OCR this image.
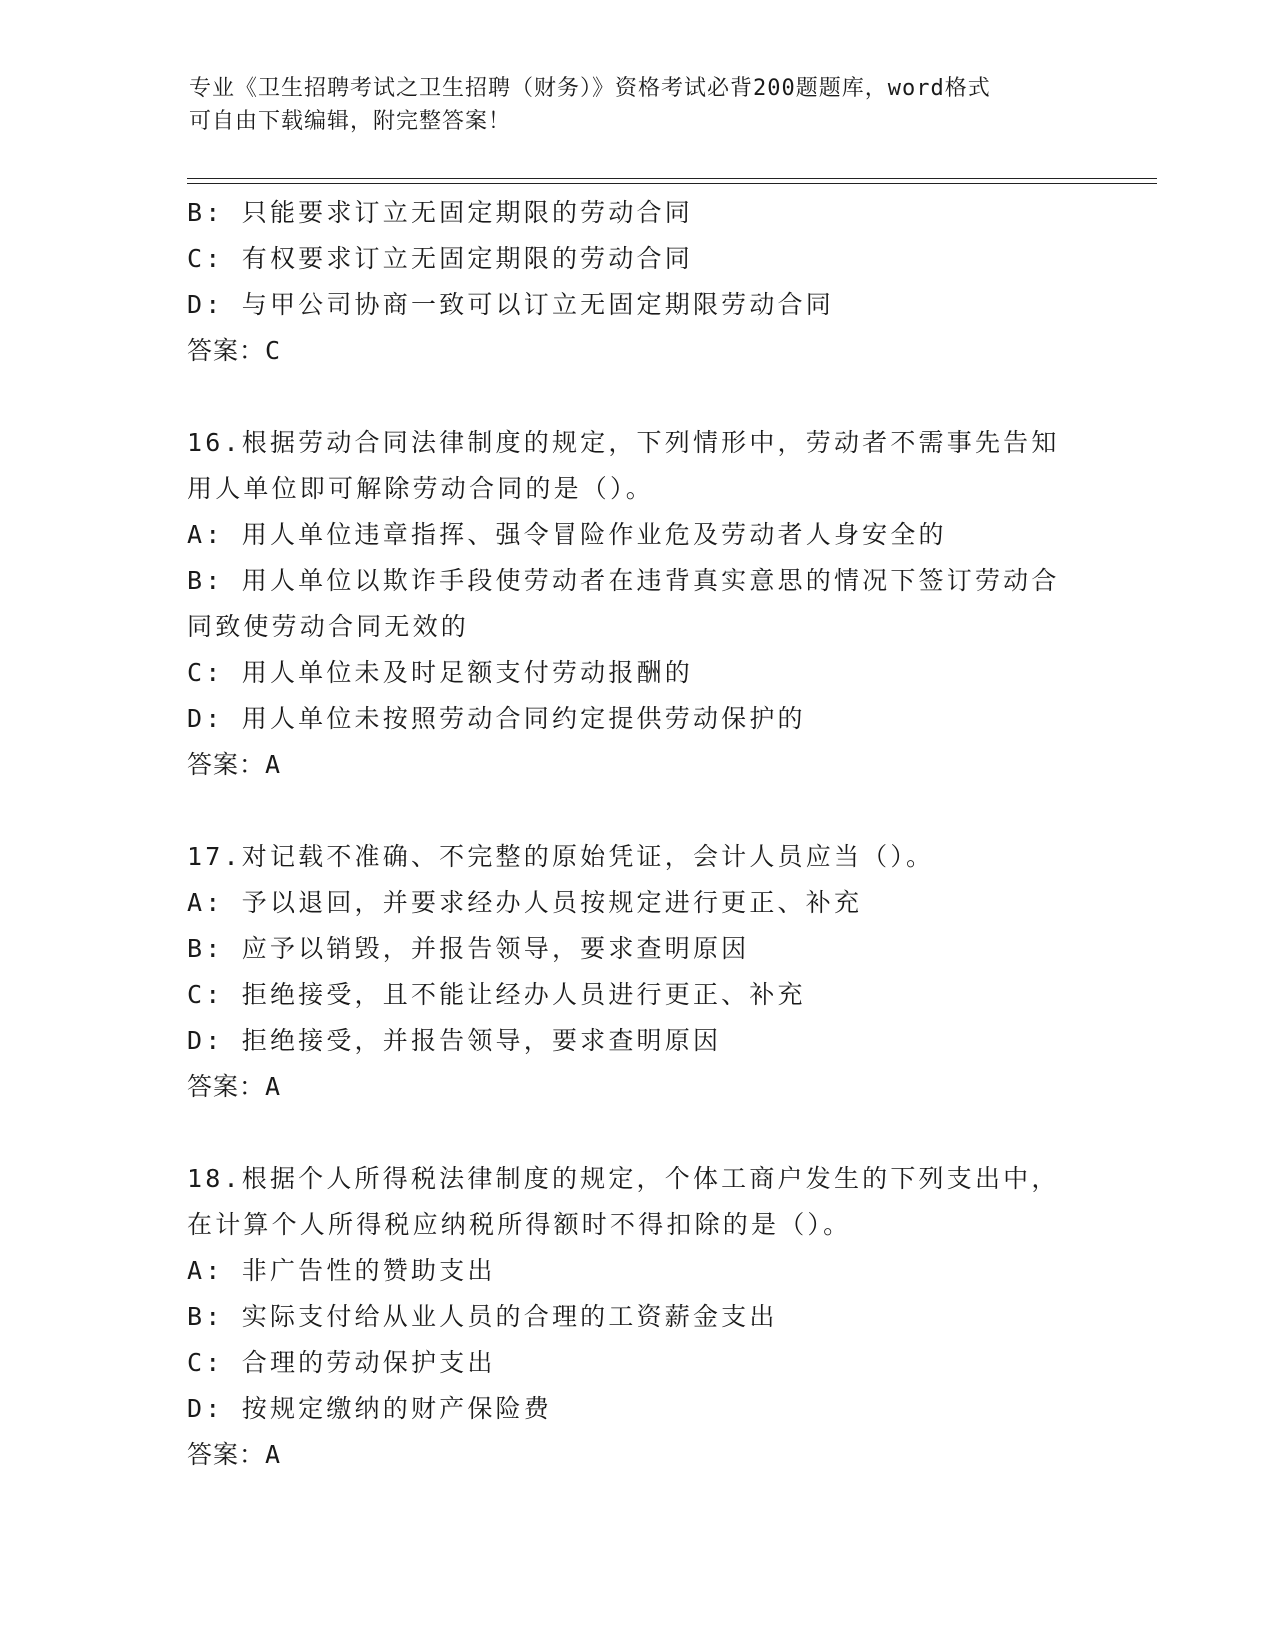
专业《卫生招聘考试之卫生招聘（财务）》资格考试必背200题题库，word格式
可自由下载编辑，附完整答案！
B: 只能要求订立无固定期限的劳动合同
C: 有权要求订立无固定期限的劳动合同
D: 与甲公司协商一致可以订立无固定期限劳动合同
答案：C
16.根据劳动合同法律制度的规定，下列情形中，劳动者不需事先告知
用人单位即可解除劳动合同的是（）。
A: 用人单位违章指挥、强令冒险作业危及劳动者人身安全的
B: 用人单位以欺诈手段使劳动者在违背真实意思的情况下签订劳动合
同致使劳动合同无效的
C: 用人单位未及时足额支付劳动报酬的
D: 用人单位未按照劳动合同约定提供劳动保护的
答案：A
17.对记载不准确、不完整的原始凭证，会计人员应当（）。
A: 予以退回，并要求经办人员按规定进行更正、补充
B: 应予以销毁，并报告领导，要求查明原因
C: 拒绝接受，且不能让经办人员进行更正、补充
D: 拒绝接受，并报告领导，要求查明原因
答案：A
18.根据个人所得税法律制度的规定，个体工商户发生的下列支出中，
在计算个人所得税应纳税所得额时不得扣除的是（）。
A: 非广告性的赞助支出
B: 实际支付给从业人员的合理的工资薪金支出
C: 合理的劳动保护支出
D: 按规定缴纳的财产保险费
答案：A
